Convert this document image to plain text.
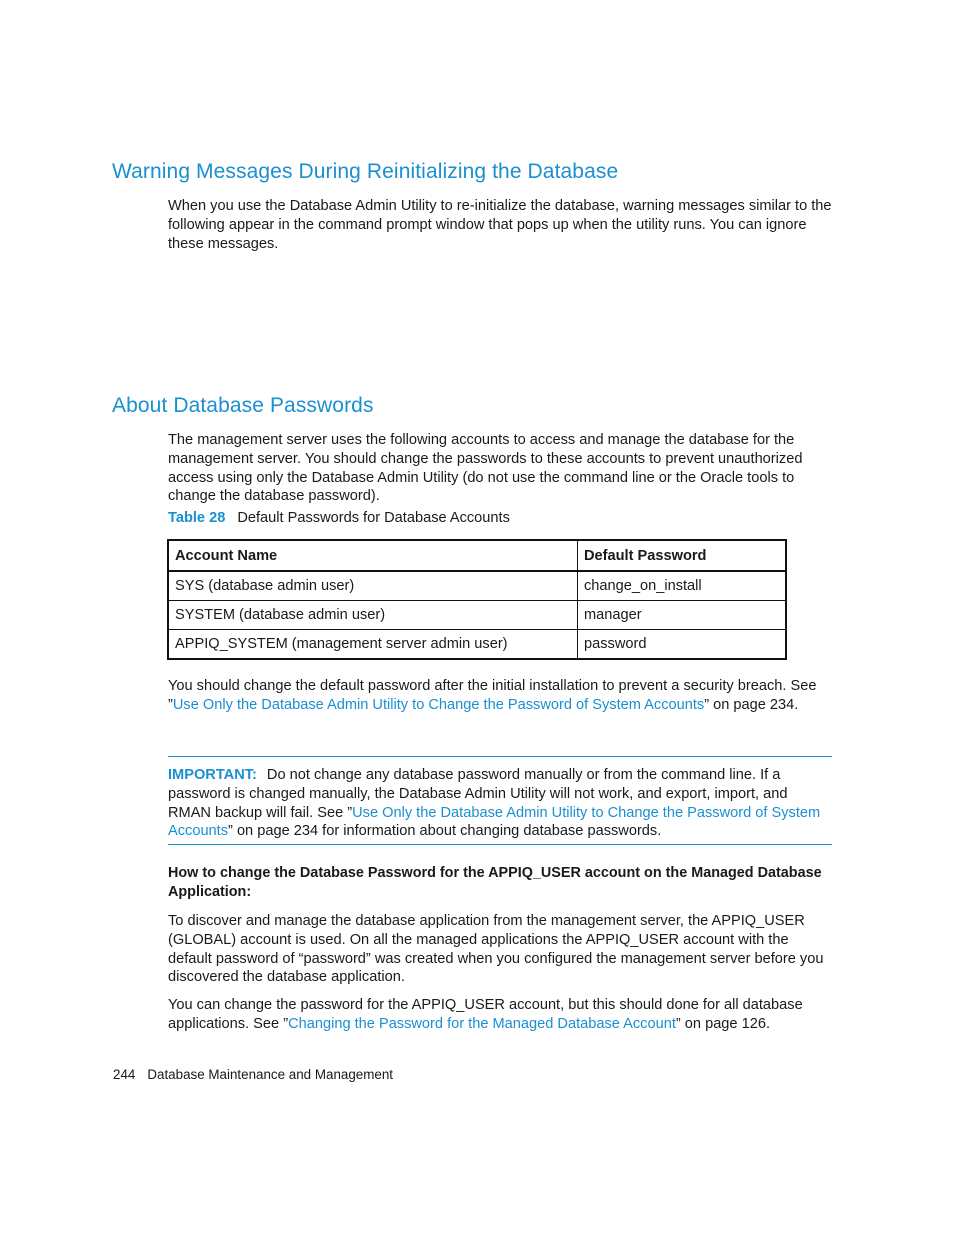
Warning Messages During Reinitializing the Database

When you use the Database Admin Utility to re-initialize the database, warning messages similar to the following appear in the command prompt window that pops up when the utility runs. You can ignore these messages.

About Database Passwords

The management server uses the following accounts to access and manage the database for the management server. You should change the passwords to these accounts to prevent unauthorized access using only the Database Admin Utility (do not use the command line or the Oracle tools to change the database password).

Table 28 Default Passwords for Database Accounts
Account Name	Default Password
SYS (database admin user)	change_on_install
SYSTEM (database admin user)	manager
APPIQ_SYSTEM (management server admin user)	password

You should change the default password after the initial installation to prevent a security breach. See ”Use Only the Database Admin Utility to Change the Password of System Accounts” on page 234.

IMPORTANT: Do not change any database password manually or from the command line. If a password is changed manually, the Database Admin Utility will not work, and export, import, and RMAN backup will fail. See ”Use Only the Database Admin Utility to Change the Password of System Accounts” on page 234 for information about changing database passwords.

How to change the Database Password for the APPIQ_USER account on the Managed Database Application:

To discover and manage the database application from the management server, the APPIQ_USER (GLOBAL) account is used. On all the managed applications the APPIQ_USER account with the default password of “password” was created when you configured the management server before you discovered the database application.

You can change the password for the APPIQ_USER account, but this should done for all database applications. See ”Changing the Password for the Managed Database Account” on page 126.

244 Database Maintenance and Management
